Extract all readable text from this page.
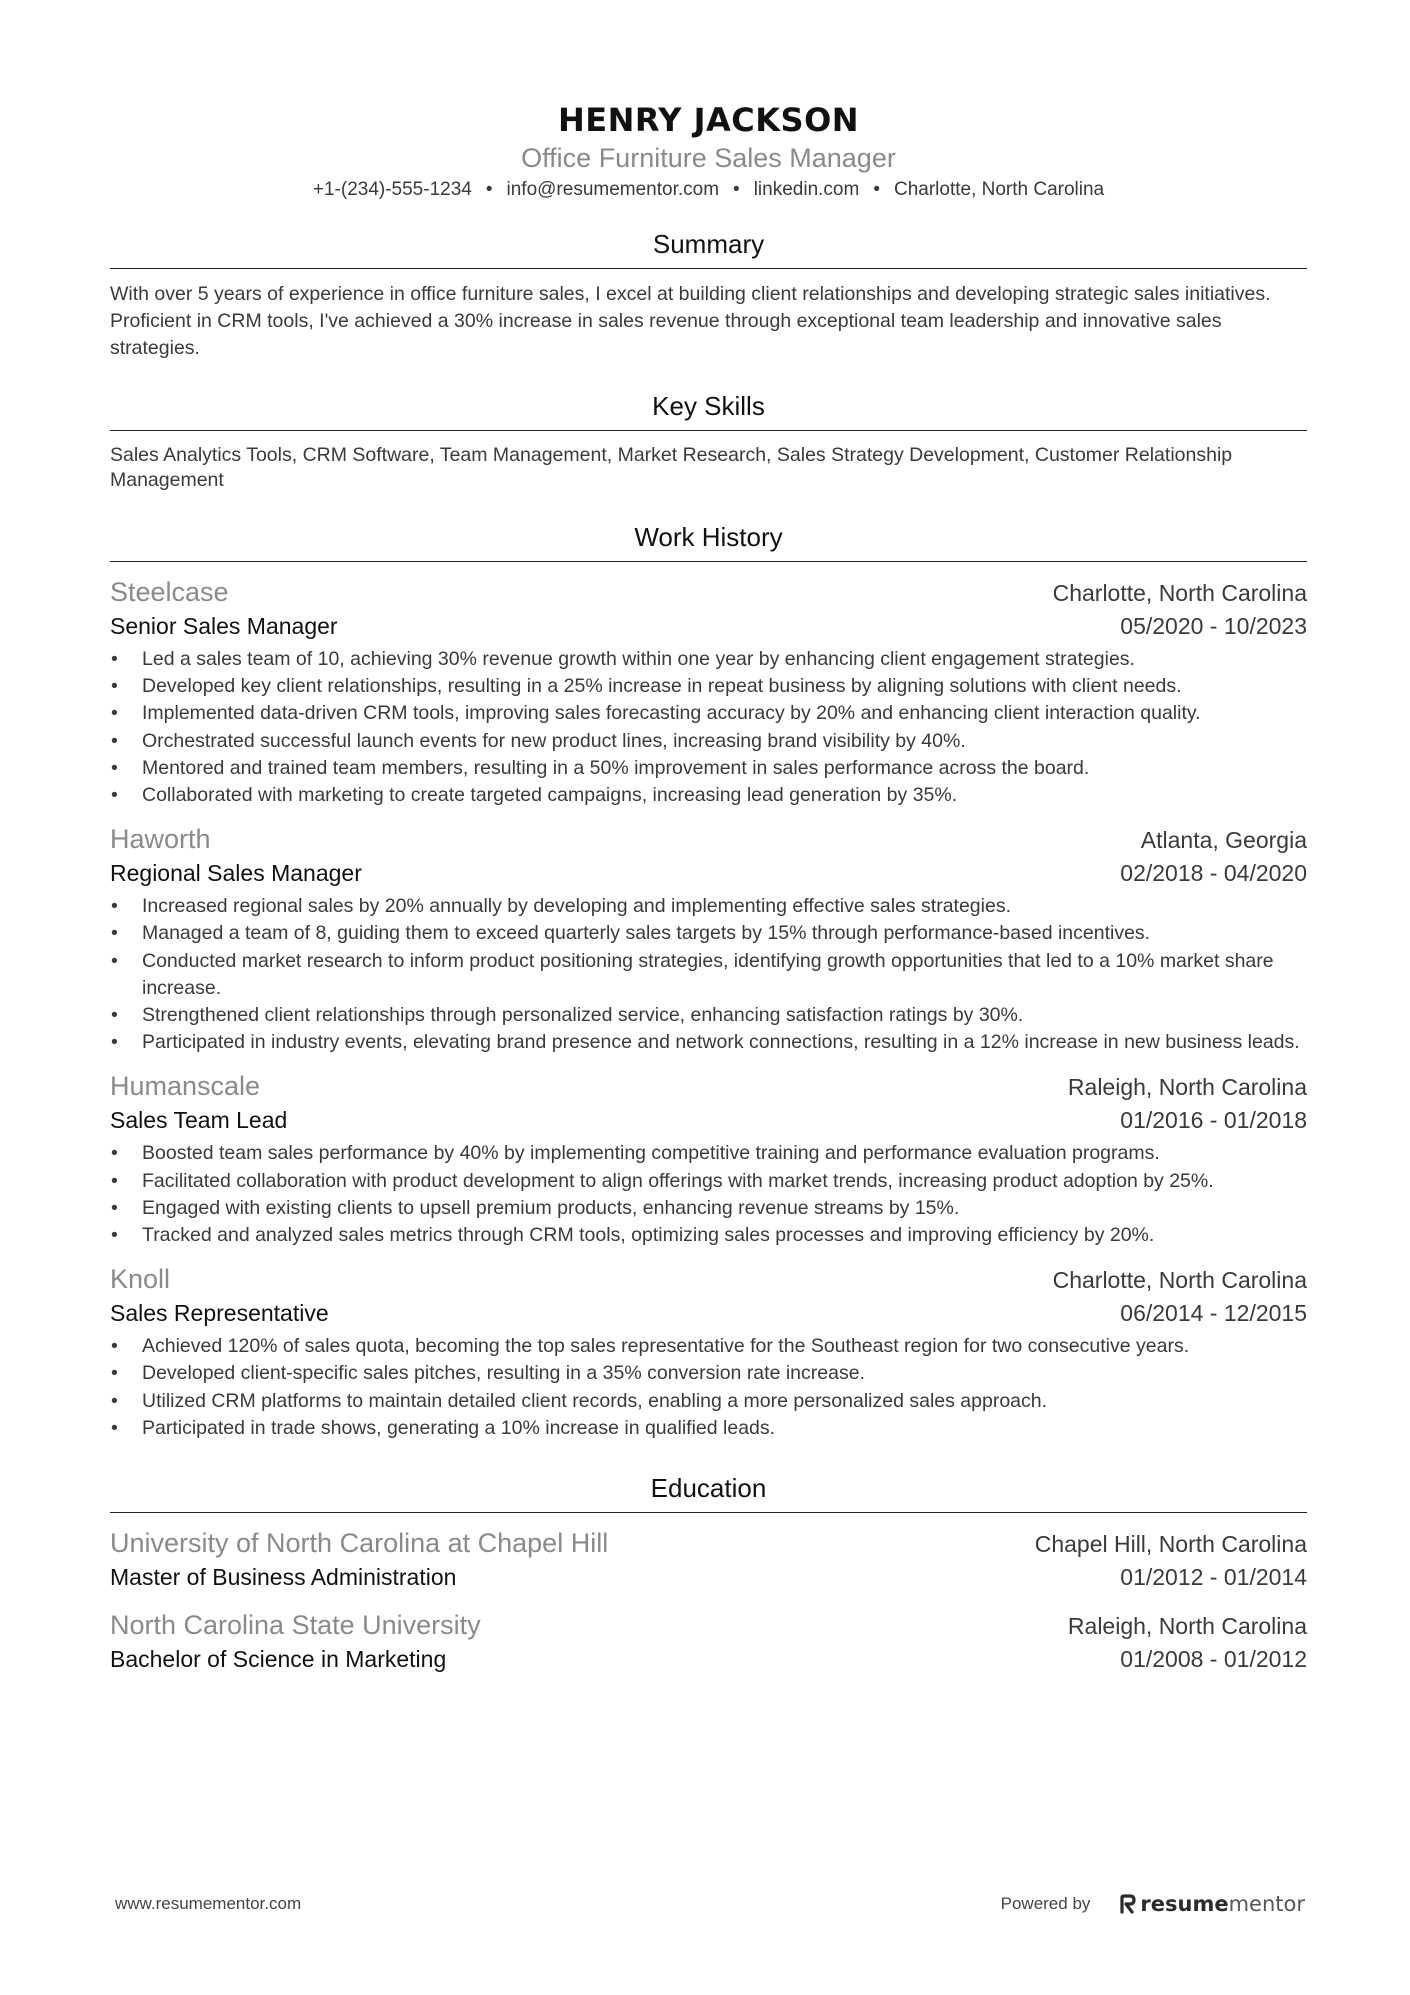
HENRY JACKSON
Office Furniture Sales Manager
+1-(234)-555-1234 • info@resumementor.com • linkedin.com • Charlotte, North Carolina
Summary
With over 5 years of experience in office furniture sales, I excel at building client relationships and developing strategic sales initiatives. Proficient in CRM tools, I've achieved a 30% increase in sales revenue through exceptional team leadership and innovative sales strategies.
Key Skills
Sales Analytics Tools, CRM Software, Team Management, Market Research, Sales Strategy Development, Customer Relationship Management
Work History
Steelcase	Charlotte, North Carolina
Senior Sales Manager	05/2020 - 10/2023
• Led a sales team of 10, achieving 30% revenue growth within one year by enhancing client engagement strategies.
• Developed key client relationships, resulting in a 25% increase in repeat business by aligning solutions with client needs.
• Implemented data-driven CRM tools, improving sales forecasting accuracy by 20% and enhancing client interaction quality.
• Orchestrated successful launch events for new product lines, increasing brand visibility by 40%.
• Mentored and trained team members, resulting in a 50% improvement in sales performance across the board.
• Collaborated with marketing to create targeted campaigns, increasing lead generation by 35%.
Haworth	Atlanta, Georgia
Regional Sales Manager	02/2018 - 04/2020
• Increased regional sales by 20% annually by developing and implementing effective sales strategies.
• Managed a team of 8, guiding them to exceed quarterly sales targets by 15% through performance-based incentives.
• Conducted market research to inform product positioning strategies, identifying growth opportunities that led to a 10% market share increase.
• Strengthened client relationships through personalized service, enhancing satisfaction ratings by 30%.
• Participated in industry events, elevating brand presence and network connections, resulting in a 12% increase in new business leads.
Humanscale	Raleigh, North Carolina
Sales Team Lead	01/2016 - 01/2018
• Boosted team sales performance by 40% by implementing competitive training and performance evaluation programs.
• Facilitated collaboration with product development to align offerings with market trends, increasing product adoption by 25%.
• Engaged with existing clients to upsell premium products, enhancing revenue streams by 15%.
• Tracked and analyzed sales metrics through CRM tools, optimizing sales processes and improving efficiency by 20%.
Knoll	Charlotte, North Carolina
Sales Representative	06/2014 - 12/2015
• Achieved 120% of sales quota, becoming the top sales representative for the Southeast region for two consecutive years.
• Developed client-specific sales pitches, resulting in a 35% conversion rate increase.
• Utilized CRM platforms to maintain detailed client records, enabling a more personalized sales approach.
• Participated in trade shows, generating a 10% increase in qualified leads.
Education
University of North Carolina at Chapel Hill	Chapel Hill, North Carolina
Master of Business Administration	01/2012 - 01/2014
North Carolina State University	Raleigh, North Carolina
Bachelor of Science in Marketing	01/2008 - 01/2012
www.resumementor.com	Powered by resume mentor
